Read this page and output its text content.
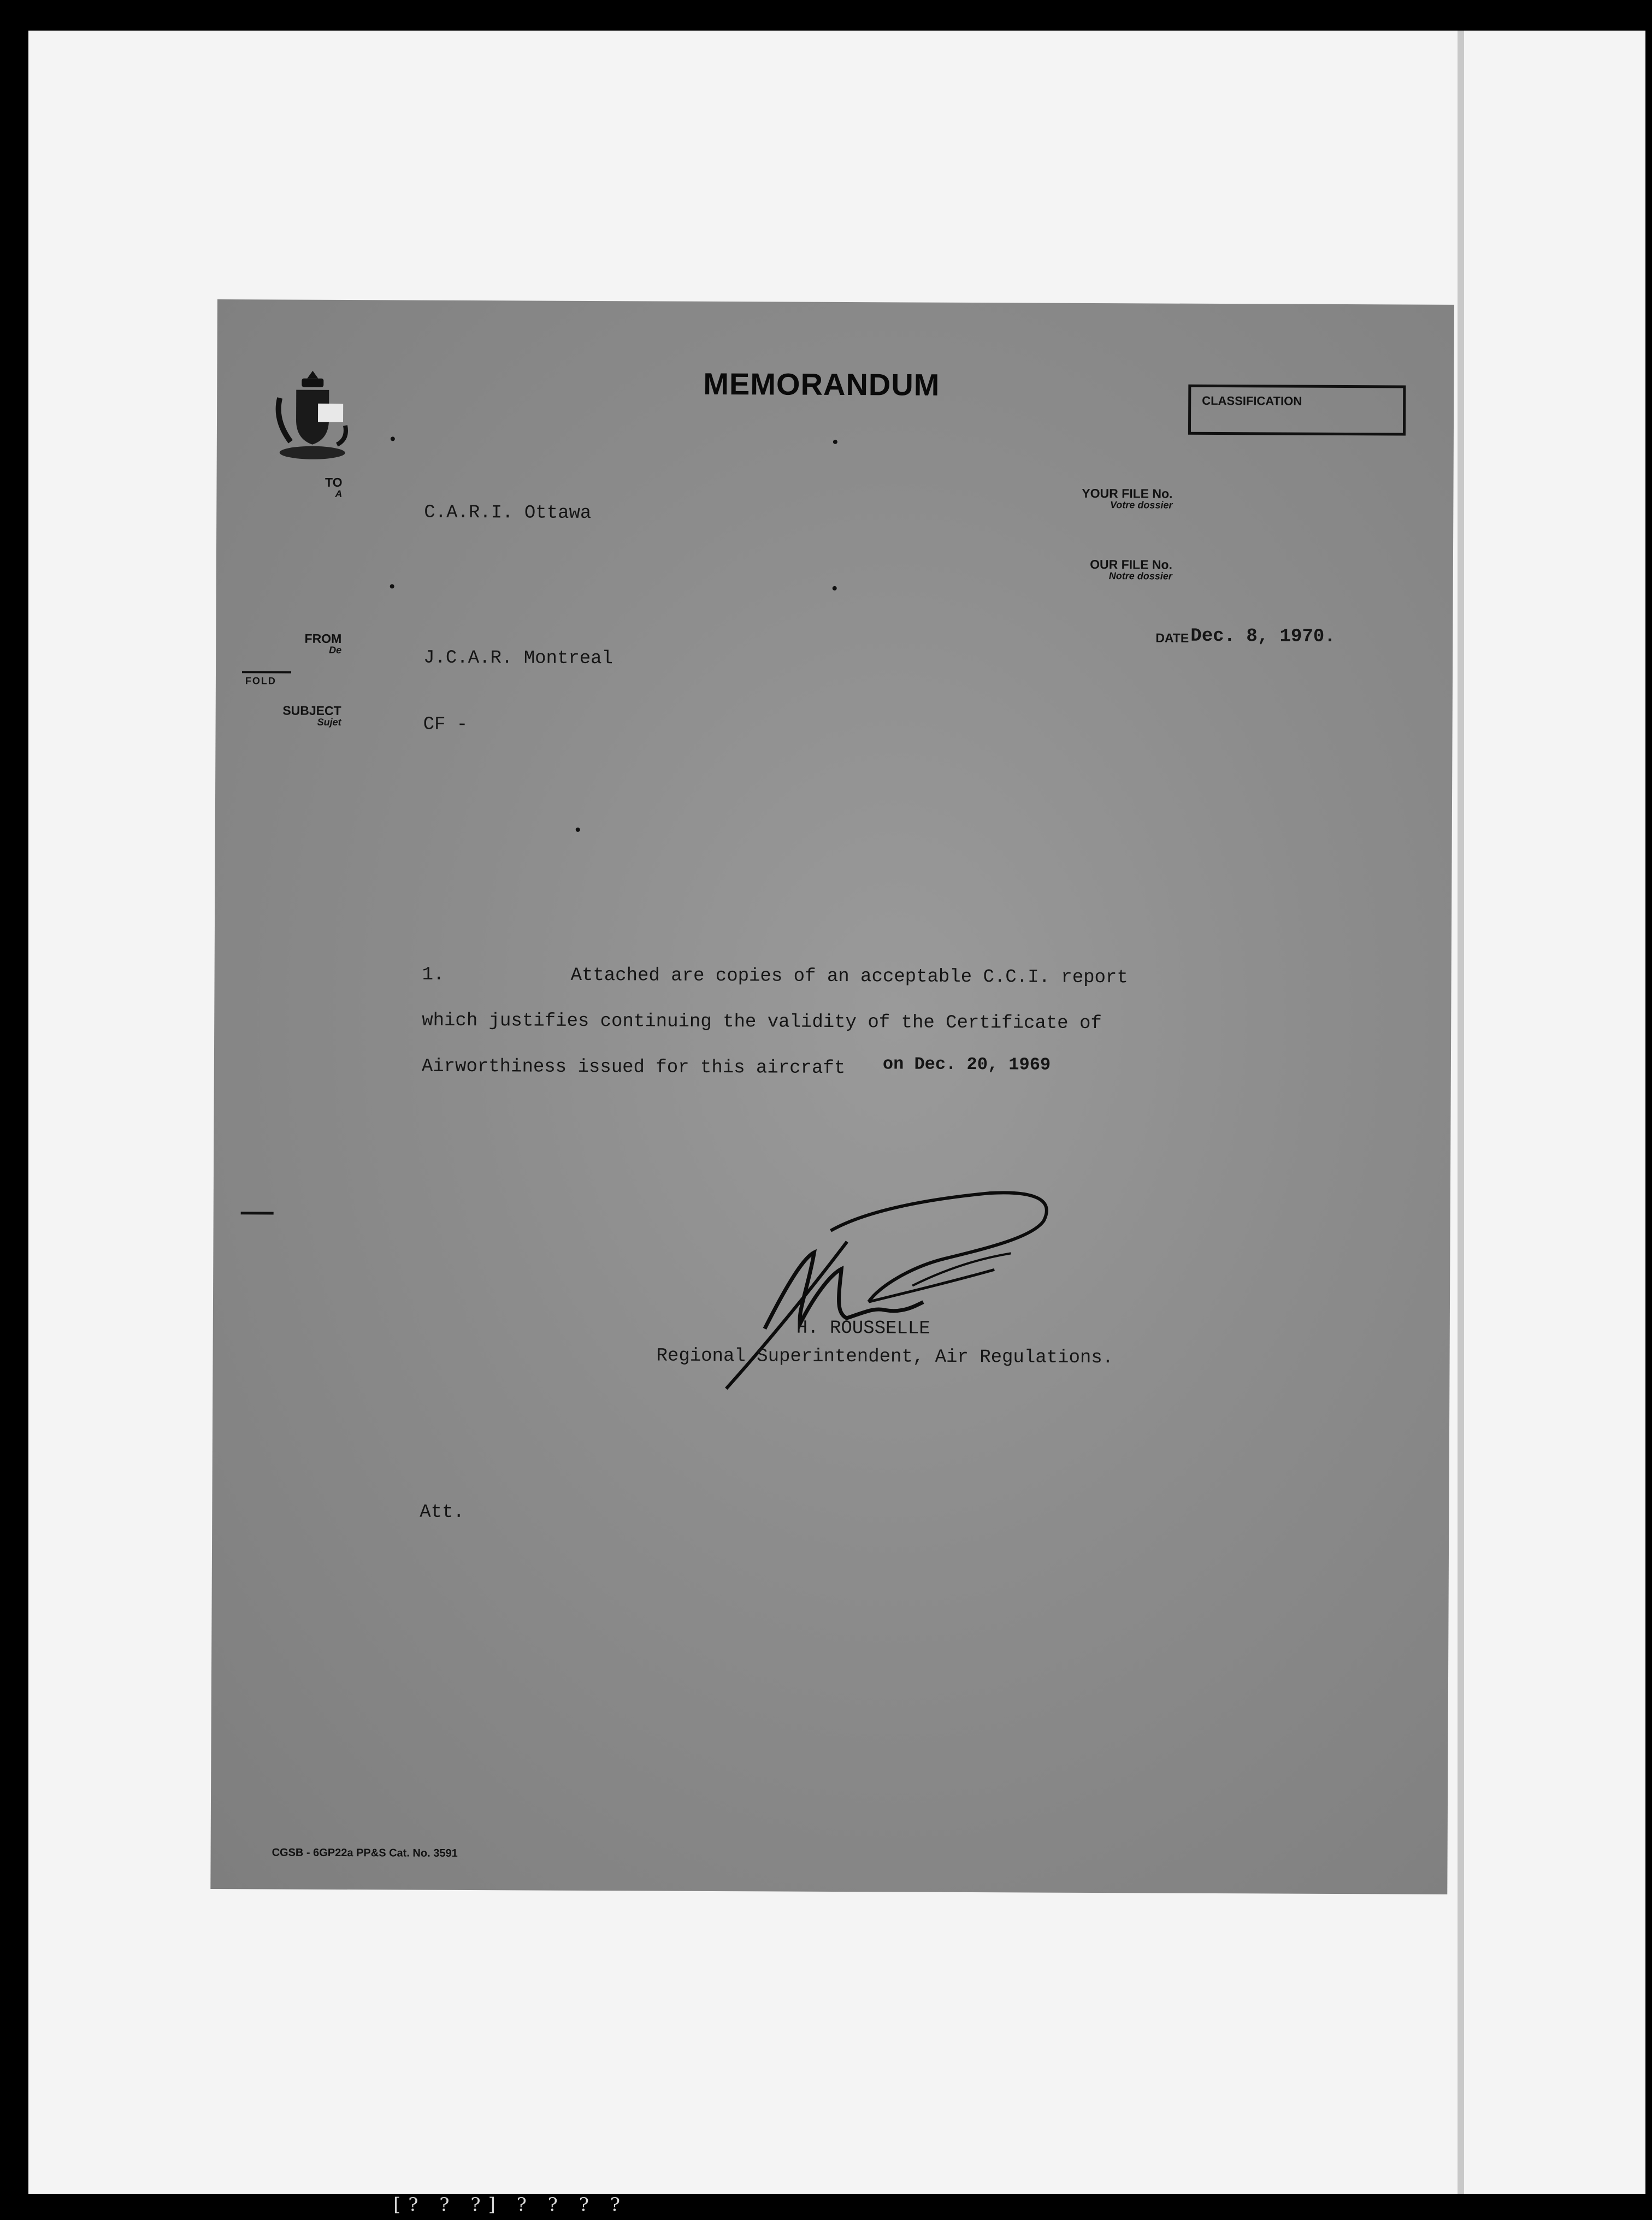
MEMORANDUM	CLASSIFICATION
TO
A
FROM
De
SUBJECT
Sujet
YOUR FILE No.
Votre dossier
OUR FILE No.
Notre dossier
DATE
C.A.R.I. Ottawa
J.C.A.R. Montreal
CF -
Dec. 8, 1970.
FOLD
1.	Attached are copies of an acceptable C.C.I. report
which justifies continuing the validity of the Certificate of
Airworthiness issued for this aircraft on Dec. 20, 1969
H. ROUSSELLE
Regional Superintendent, Air Regulations.
Att.
CGSB - 6GP22a PP&S Cat. No. 3591
[? ? ?] ? ? ? ?
